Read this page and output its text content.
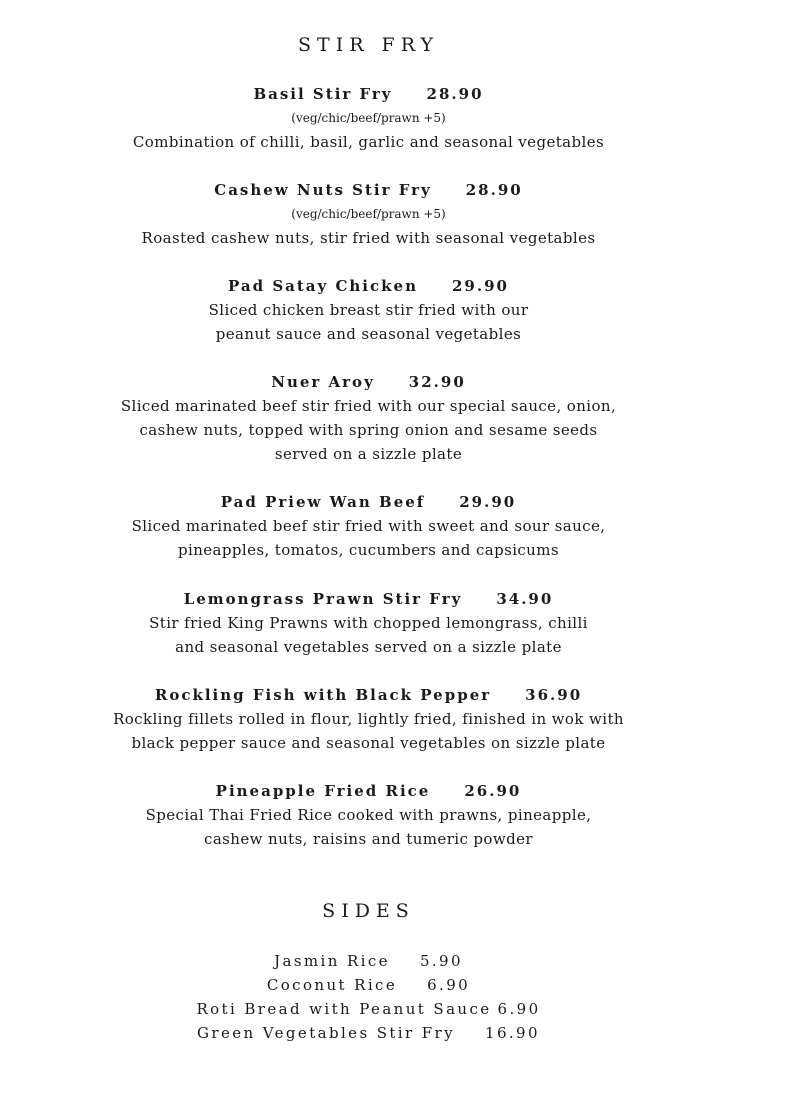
STIR FRY
Basil Stir Fry 28.90
(veg/chic/beef/prawn +5)
Combination of chilli, basil, garlic and seasonal vegetables
Cashew Nuts Stir Fry 28.90
(veg/chic/beef/prawn +5)
Roasted cashew nuts, stir fried with seasonal vegetables
Pad Satay Chicken 29.90
Sliced chicken breast stir fried with our
peanut sauce and seasonal vegetables
Nuer Aroy 32.90
Sliced marinated beef stir fried with our special sauce, onion,
cashew nuts, topped with spring onion and sesame seeds
served on a sizzle plate
Pad Priew Wan Beef 29.90
Sliced marinated beef stir fried with sweet and sour sauce,
pineapples, tomatos, cucumbers and capsicums
Lemongrass Prawn Stir Fry 34.90
Stir fried King Prawns with chopped lemongrass, chilli
and seasonal vegetables served on a sizzle plate
Rockling Fish with Black Pepper 36.90
Rockling fillets rolled in flour, lightly fried, finished in wok with
black pepper sauce and seasonal vegetables on sizzle plate
Pineapple Fried Rice 26.90
Special Thai Fried Rice cooked with prawns, pineapple,
cashew nuts, raisins and tumeric powder
SIDES
Jasmin Rice 5.90
Coconut Rice 6.90
Roti Bread with Peanut Sauce 6.90
Green Vegetables Stir Fry 16.90
